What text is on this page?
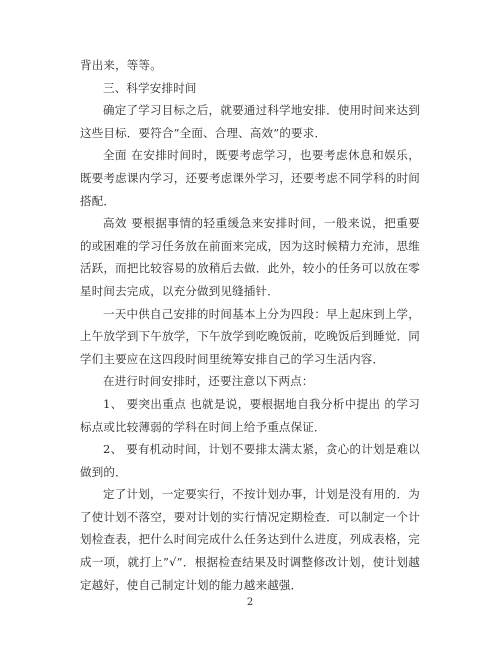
背出来，等等。

三、科学安排时间

确定了学习目标之后，就要通过科学地安排．使用时间来达到这些目标．要符合”全面、合理、高效”的要求．

全面 在安排时间时，既要考虑学习，也要考虑休息和娱乐，既要考虑课内学习，还要考虑课外学习，还要考虑不同学科的时间搭配．

高效 要根据事情的轻重缓急来安排时间，一般来说，把重要的或困难的学习任务放在前面来完成，因为这时候精力充沛，思维活跃，而把比较容易的放稍后去做．此外，较小的任务可以放在零星时间去完成，以充分做到见缝插针．

一天中供自己安排的时间基本上分为四段：早上起床到上学，上午放学到下午放学，下午放学到吃晚饭前，吃晚饭后到睡觉．同学们主要应在这四段时间里统筹安排自己的学习生活内容．

在进行时间安排时，还要注意以下两点：

1、 要突出重点 也就是说，要根据地自我分析中提出 的学习标点或比较薄弱的学科在时间上给予重点保证．

2、 要有机动时间，计划不要排太满太紧，贪心的计划是难以做到的．

定了计划，一定要实行，不按计划办事，计划是没有用的．为了使计划不落空，要对计划的实行情况定期检查．可以制定一个计划检查表，把什么时间完成什么任务达到什么进度，列成表格，完成一项，就打上”√”．根据检查结果及时调整修改计划，使计划越定越好，使自己制定计划的能力越来越强．

2
